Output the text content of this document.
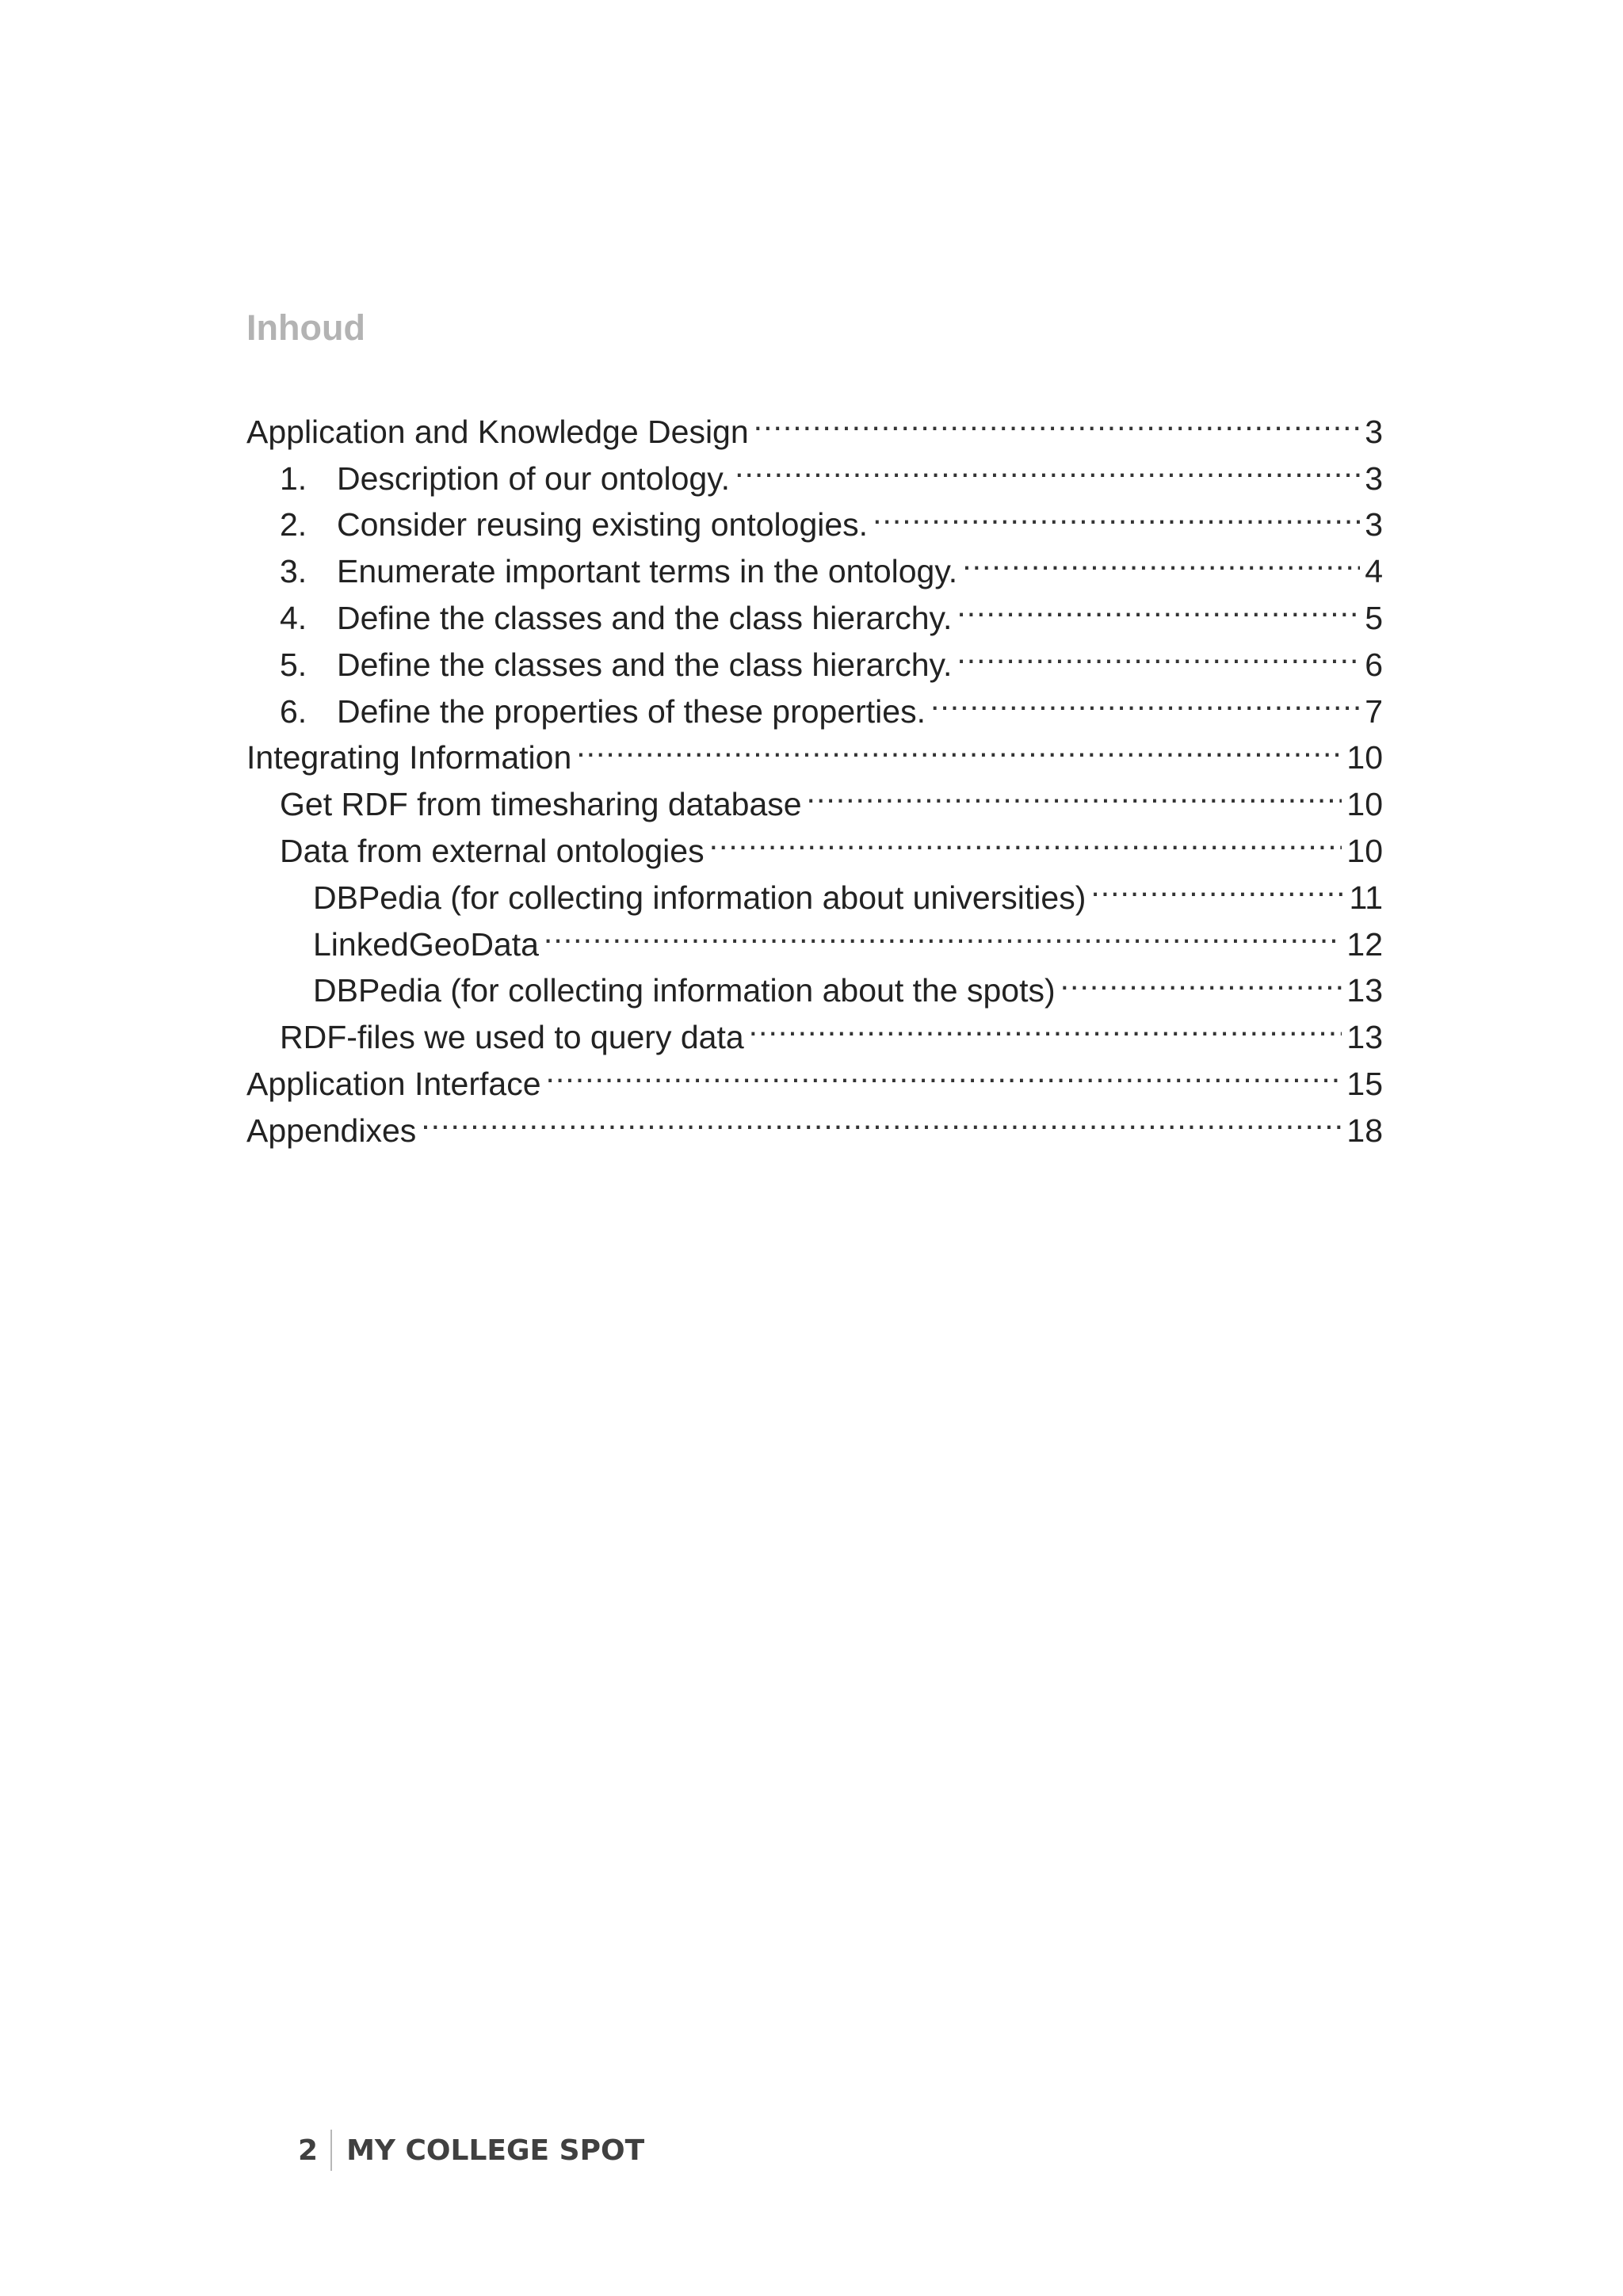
Inhoud
Application and Knowledge Design .....	3
1. Description of our ontology. .....	3
2. Consider reusing existing ontologies. .....	3
3. Enumerate important terms in the ontology. .....	4
4. Define the classes and the class hierarchy. .....	5
5. Define the classes and the class hierarchy. .....	6
6. Define the properties of these properties. .....	7
Integrating Information .....	10
Get RDF from timesharing database .....	10
Data from external ontologies .....	10
DBPedia (for collecting information about universities) .....	11
LinkedGeoData .....	12
DBPedia (for collecting information about the spots) .....	13
RDF-files we used to query data .....	13
Application Interface .....	15
Appendixes .....	18
2	MY COLLEGE SPOT
